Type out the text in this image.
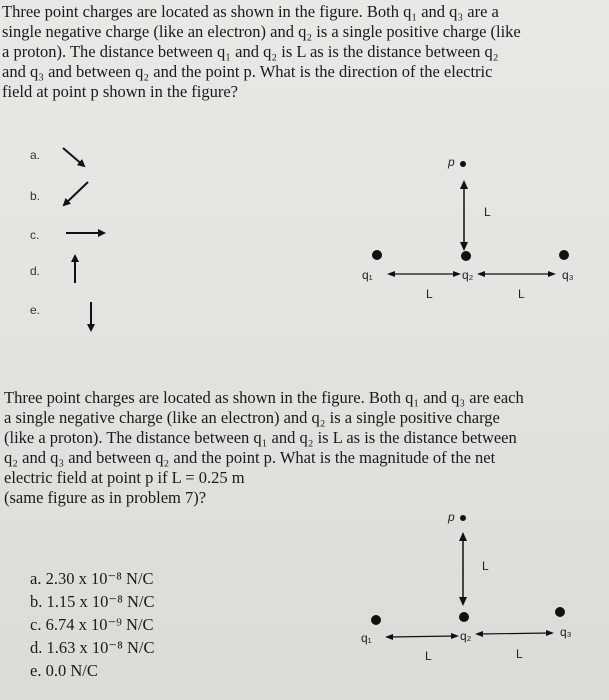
Three point charges are located as shown in the figure. Both q₁ and q₃ are a
single negative charge (like an electron) and q₂ is a single positive charge (like
a proton). The distance between q₁ and q₂ is L as is the distance between q₂
and q₃ and between q₂ and the point p. What is the direction of the electric
field at point p shown in the figure?
a.
b.
c.
d.
e.
p
L
q₁	q₂	q₃
L	L
Three point charges are located as shown in the figure. Both q₁ and q₃ are each
a single negative charge (like an electron) and q₂ is a single positive charge
(like a proton). The distance between q₁ and q₂ is L as is the distance between
q₂ and q₃ and between q₂ and the point p. What is the magnitude of the net
electric field at point p if L = 0.25 m
(same figure as in problem 7)?
a. 2.30 x 10⁻⁸ N/C
b. 1.15 x 10⁻⁸ N/C
c. 6.74 x 10⁻⁹ N/C
d. 1.63 x 10⁻⁸ N/C
e. 0.0 N/C
p
L
q₁	q₂	q₃
L	L
